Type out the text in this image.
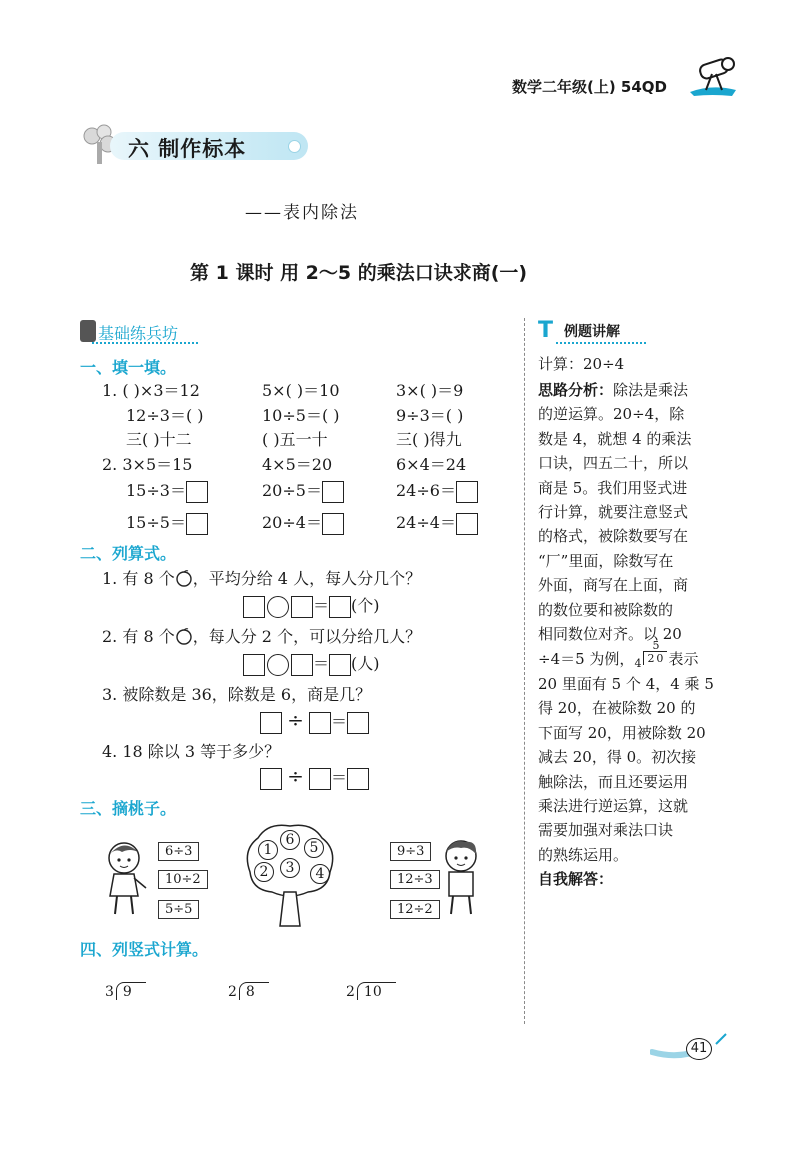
数学二年级(上) 54QD
六 制作标本
——表内除法
第 1 课时 用 2～5 的乘法口诀求商(一)
基础练兵坊
一、填一填。
1. ( )×3＝12	5×( )＝10	3×( )＝9
12÷3＝( )	10÷5＝( )	9÷3＝( )
三( )十二	( )五一十	三( )得九
2. 3×5＝15	4×5＝20	6×4＝24
15÷3＝	20÷5＝	24÷6＝
15÷5＝	20÷4＝	24÷4＝
二、列算式。
1. 有 8 个 ，平均分给 4 人，每人分几个？
＝ (个)
2. 有 8 个 ，每人分 2 个，可以分给几人？
＝ (人)
3. 被除数是 36，除数是 6，商是几？
÷ ＝
4. 18 除以 3 等于多少？
÷ ＝
三、摘桃子。
6÷3
10÷2
5÷5
1
6	5
2	3	4
9÷3
12÷3
12÷2
四、列竖式计算。
3 9	2 8	2 10
T 例题讲解
计算：20÷4
思路分析：除法是乘法
的逆运算。20÷4，除
数是 4，就想 4 的乘法
口诀，四五二十，所以
商是 5。我们用竖式进
行计算，就要注意竖式
的格式，被除数要写在
“厂”里面，除数写在
外面，商写在上面，商
的数位要和被除数的
相同数位对齐。以 20
÷4＝5 为例，
5
4 20 表示
20 里面有 5 个 4，4 乘 5
得 20，在被除数 20 的
下面写 20，用被除数 20
减去 20，得 0。初次接
触除法，而且还要运用
乘法进行逆运算，这就
需要加强对乘法口诀
的熟练运用。
自我解答：
41
